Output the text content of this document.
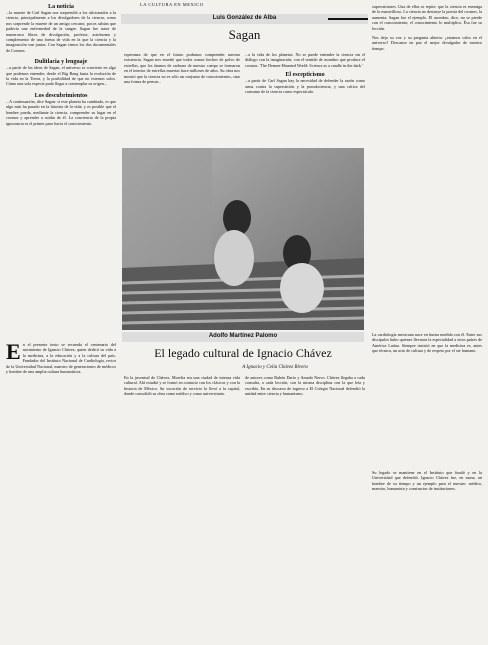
LA CULTURA EN MEXICO
Luis González de Alba
Sagan
La noticia
...la muerte de Carl Sagan nos sorprendió a los aficionados a la ciencia, principalmente a los divulgadores de la ciencia, como nos sorprende la muerte de un amigo cercano; pocos sabían que padecía una enfermedad de la sangre. Sagan fue autor de numerosos libros de divulgación, profesor, astrónomo y complemento de una forma de vida en la que la ciencia y la imaginación van juntas. Con Sagan vimos los dos documentales de Cosmos.
Dulitlacia y lenguaje
...a partir de las ideas de Sagan, el universo se convierte en algo que podemos entender, desde el Big Bang hasta la evolución de la vida en la Tierra, y la posibilidad de que no estemos solos. Cómo una sola especie pudo llegar a contemplar su origen...
Los descubrimientos
...A continuación, dice Sagan: si este planeta ha cambiado, es que algo más ha pasado en la historia de la vida; y es posible que el hombre pueda, mediante la ciencia, comprender su lugar en el cosmos y aprender a cuidar de él. La conciencia de la propia ignorancia es el primer paso hacia el conocimiento.
esperanza de que en el futuro podamos comprender nuestra existencia. Sagan nos enseñó que todos somos hechos de polvo de estrellas, que los átomos de carbono de nuestro cuerpo se formaron en el interior de estrellas muertas hace millones de años. Su obra nos mostró que la ciencia no es sólo un conjunto de conocimientos, sino una forma de pensar...
...a la vida de los planetas. No se puede entender la ciencia sin el diálogo con la imaginación; con el sentido de asombro que produce el cosmos. 'The Demon-Haunted World: Science as a candle in the dark.'
El escepticismo
...a partir de Carl Sagan hay la necesidad de defender la razón como arma contra la superstición y la pseudociencia, y una crítica del consumo de la ciencia como espectáculo.
supersticiones. Una de ellas se repite: que la ciencia es enemiga de lo maravilloso. La ciencia no destruye la poesía del cosmos, la aumenta; Sagan fue el ejemplo. El asombro, dice, no se pierde con el conocimiento; el conocimiento lo multiplica. Ésa fue su lección.
Nos deja su voz y su pregunta abierta: ¿estamos solos en el universo? Descanse en paz el mejor divulgador de nuestro tiempo.
Adolfo Martínez Palomo
El legado cultural de Ignacio Chávez
A Ignacio y Celia Chávez Rivera
E n el presente texto se recuerda el centenario del nacimiento de Ignacio Chávez, quien dedicó su vida a la medicina, a la educación y a la cultura del país. Fundador del Instituto Nacional de Cardiología, rector de la Universidad Nacional, maestro de generaciones de médicos y hombre de una amplia cultura humanística.
En la juventud de Chávez, Morelia era una ciudad de intensa vida cultural. Ahí estudió y se formó en contacto con los clásicos y con la historia de México. Su vocación de servicio lo llevó a la capital, donde consolidó su obra como médico y como universitario.
de autores como Rubén Darío y Amado Nervo. Chávez llegaba a cada consulta, a cada lección, con la misma disciplina con la que leía y escribía. En su discurso de ingreso a El Colegio Nacional defendió la unidad entre ciencia y humanismo.
La cardiología mexicana nace en buena medida con él. Entre sus discípulos hubo quienes llevaron la especialidad a otros países de América Latina. Siempre insistió en que la medicina es, antes que técnica, un acto de cultura y de respeto por el ser humano.
Su legado se mantiene en el Instituto que fundó y en la Universidad que defendió. Ignacio Chávez fue, en suma, un hombre de su tiempo y un ejemplo para el nuestro: médico, maestro, humanista y constructor de instituciones.
